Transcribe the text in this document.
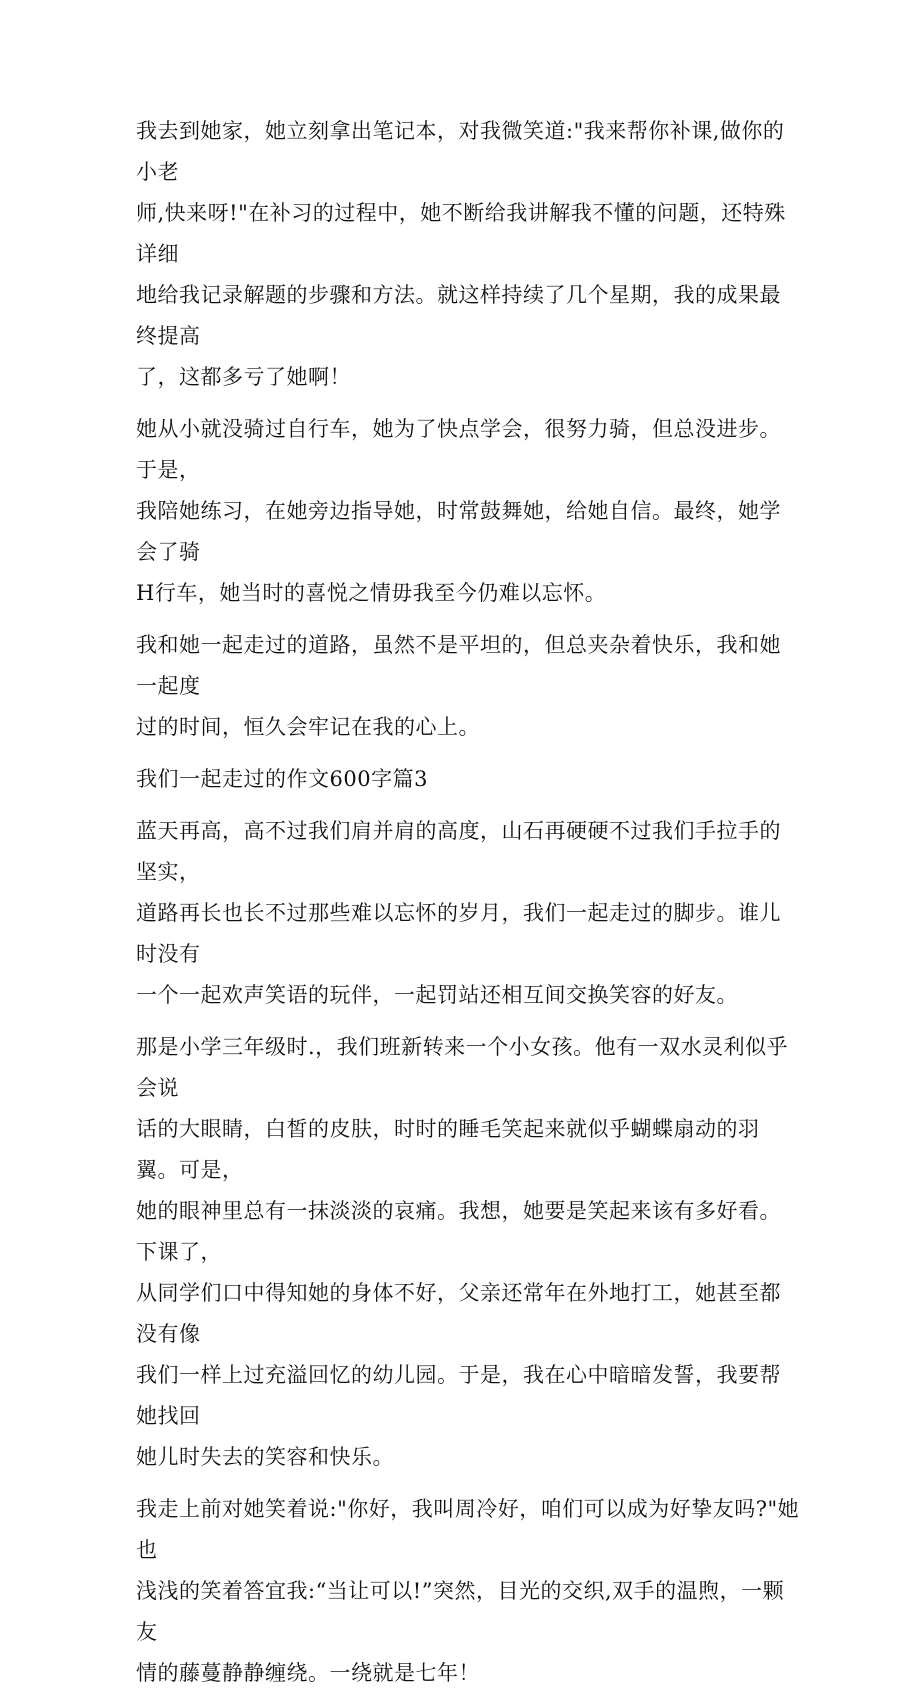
我去到她家，她立刻拿出笔记本，对我微笑道:"我来帮你补课,做你的小老
师,快来呀!"在补习的过程中，她不断给我讲解我不懂的问题，还特殊详细
地给我记录解题的步骤和方法。就这样持续了几个星期，我的成果最终提高
了，这都多亏了她啊！

她从小就没骑过自行车，她为了快点学会，很努力骑，但总没进步。于是，
我陪她练习，在她旁边指导她，时常鼓舞她，给她自信。最终，她学会了骑
H行车，她当时的喜悦之情毋我至今仍难以忘怀。

我和她一起走过的道路，虽然不是平坦的，但总夹杂着快乐，我和她一起度
过的时间，恒久会牢记在我的心上。

我们一起走过的作文600字篇3

蓝天再高，高不过我们肩并肩的高度，山石再硬硬不过我们手拉手的坚实，
道路再长也长不过那些难以忘怀的岁月，我们一起走过的脚步。谁儿时没有
一个一起欢声笑语的玩伴，一起罚站还相互间交换笑容的好友。

那是小学三年级时.，我们班新转来一个小女孩。他有一双水灵利似乎会说
话的大眼睛，白皙的皮肤，时时的睡毛笑起来就似乎蝴蝶扇动的羽翼。可是，
她的眼神里总有一抹淡淡的哀痛。我想，她要是笑起来该有多好看。下课了，
从同学们口中得知她的身体不好，父亲还常年在外地打工，她甚至都没有像
我们一样上过充溢回忆的幼儿园。于是，我在心中暗暗发誓，我要帮她找回
她儿时失去的笑容和快乐。

我走上前对她笑着说:"你好，我叫周冷好，咱们可以成为好挚友吗?"她也
浅浅的笑着答宜我:“当让可以!”突然，目光的交织,双手的温煦，一颗友
情的藤蔓静静缠绕。一绕就是七年！
